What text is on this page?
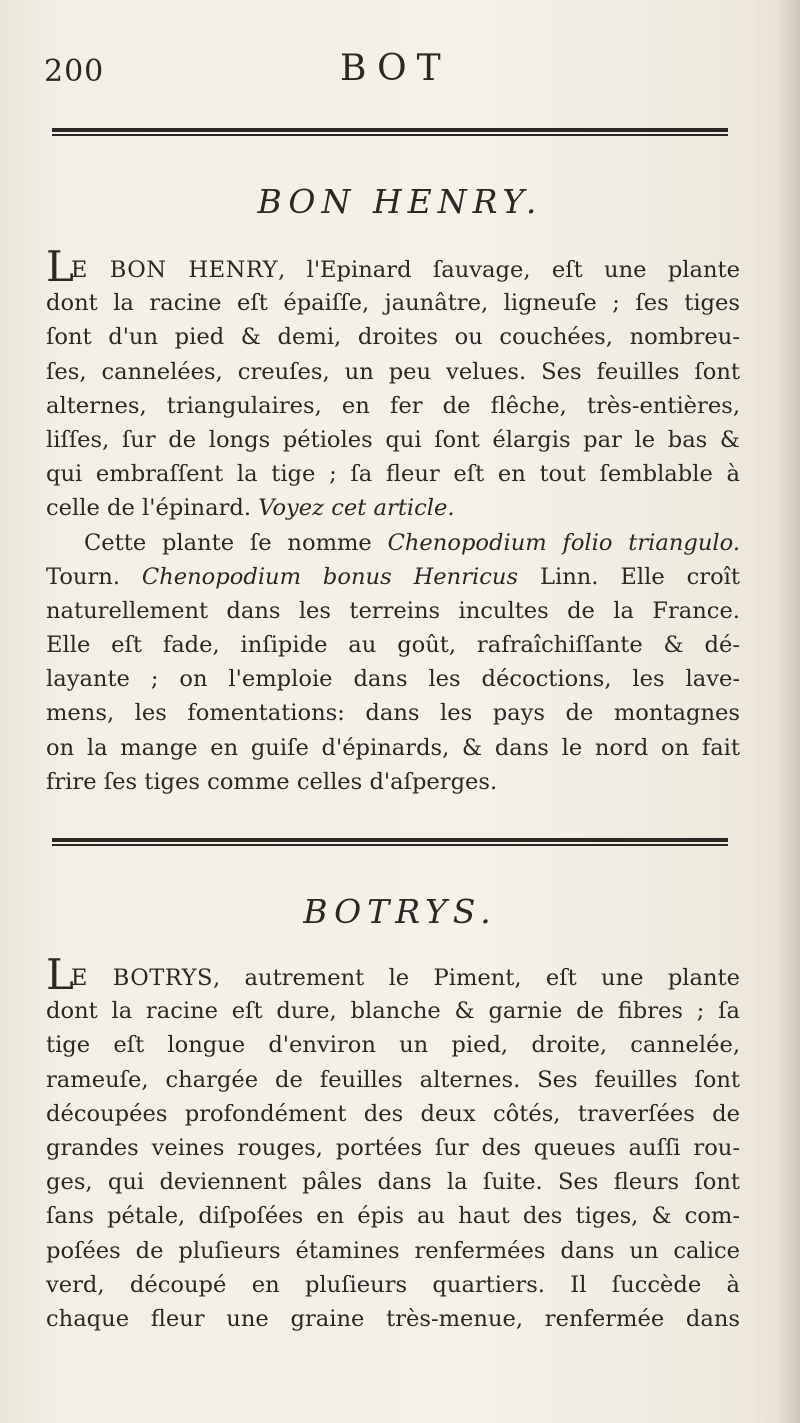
200	BOT
BON HENRY.
LE BON HENRY, l'Epinard ſauvage, eſt une plante
dont la racine eſt épaiſſe, jaunâtre, ligneuſe ; ſes tiges
ſont d'un pied & demi, droites ou couchées, nombreu-
ſes, cannelées, creuſes, un peu velues. Ses feuilles ſont
alternes, triangulaires, en fer de flêche, très-entières,
liſſes, ſur de longs pétioles qui ſont élargis par le bas &
qui embraſſent la tige ; ſa fleur eſt en tout ſemblable à
celle de l'épinard. Voyez cet article.
Cette plante ſe nomme Chenopodium folio triangulo.
Tourn. Chenopodium bonus Henricus Linn. Elle croît
naturellement dans les terreins incultes de la France.
Elle eſt fade, inſipide au goût, rafraîchiſſante & dé-
layante ; on l'emploie dans les décoctions, les lave-
mens, les fomentations: dans les pays de montagnes
on la mange en guiſe d'épinards, & dans le nord on fait
frire ſes tiges comme celles d'aſperges.
BOTRYS.
LE BOTRYS, autrement le Piment, eſt une plante
dont la racine eſt dure, blanche & garnie de fibres ; ſa
tige eſt longue d'environ un pied, droite, cannelée,
rameuſe, chargée de feuilles alternes. Ses feuilles ſont
découpées profondément des deux côtés, traverſées de
grandes veines rouges, portées ſur des queues auſſi rou-
ges, qui deviennent pâles dans la ſuite. Ses fleurs ſont
ſans pétale, diſpoſées en épis au haut des tiges, & com-
poſées de pluſieurs étamines renfermées dans un calice
verd, découpé en pluſieurs quartiers. Il ſuccède à
chaque fleur une graine très-menue, renfermée dans
